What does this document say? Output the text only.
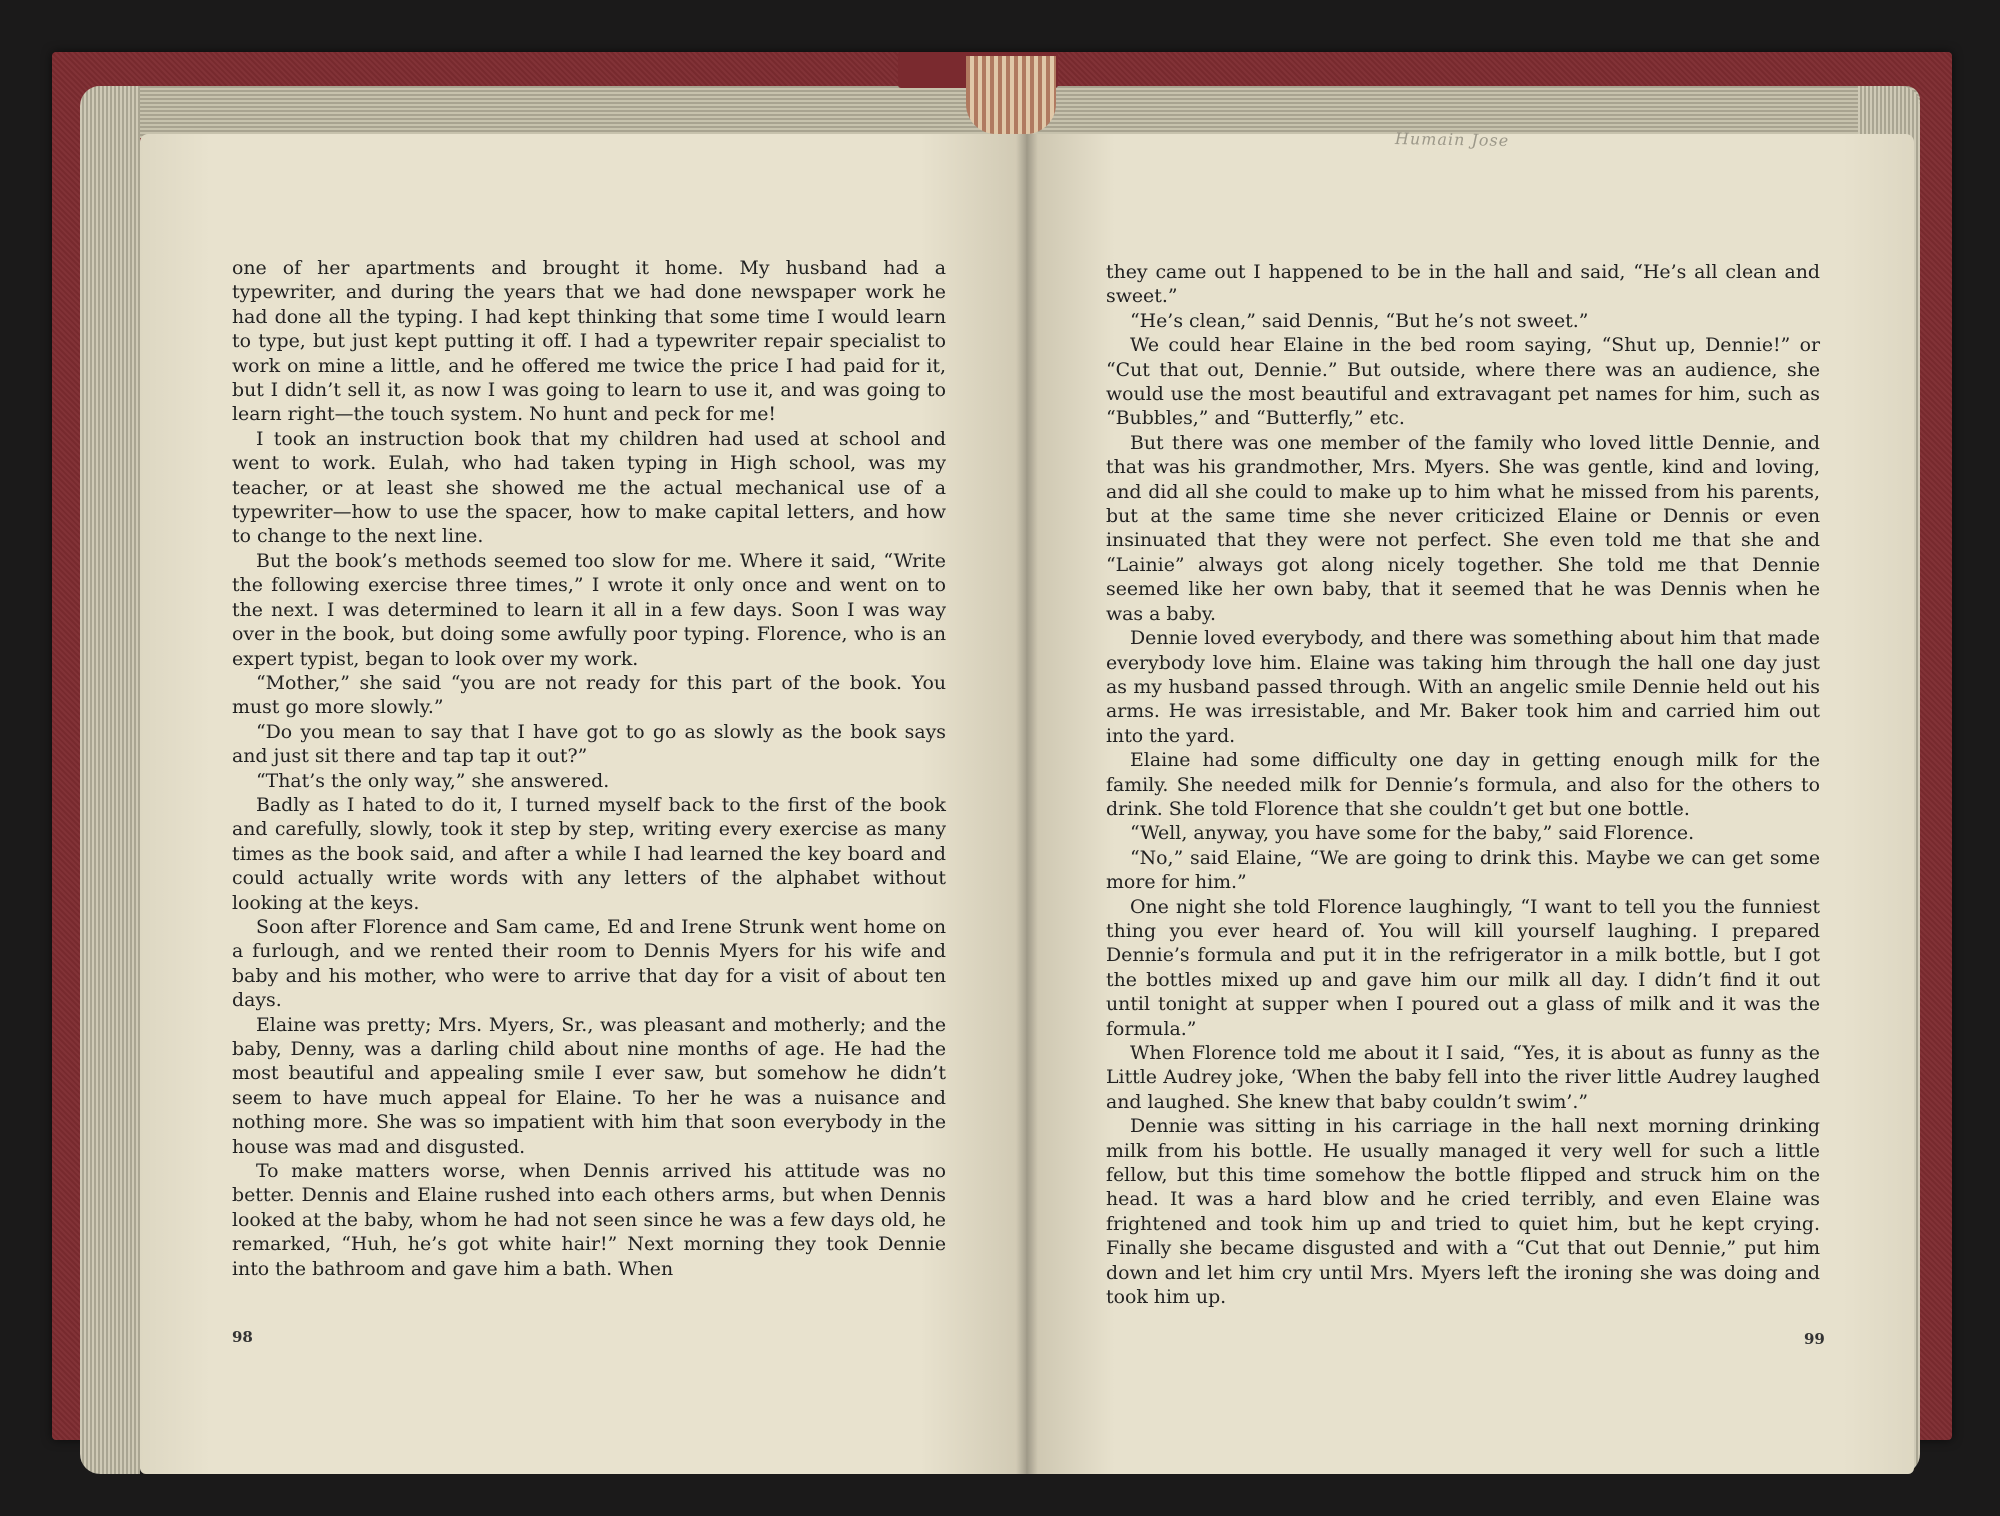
Humain Jose

one of her apartments and brought it home. My husband had a typewriter, and during the years that we had done newspaper work he had done all the typing. I had kept thinking that some time I would learn to type, but just kept putting it off. I had a typewriter repair specialist to work on mine a little, and he offered me twice the price I had paid for it, but I didn’t sell it, as now I was going to learn to use it, and was going to learn right—the touch system. No hunt and peck for me!

I took an instruction book that my children had used at school and went to work. Eulah, who had taken typing in High school, was my teacher, or at least she showed me the actual mechanical use of a typewriter—how to use the spacer, how to make capital letters, and how to change to the next line.

But the book’s methods seemed too slow for me. Where it said, “Write the following exercise three times,” I wrote it only once and went on to the next. I was determined to learn it all in a few days. Soon I was way over in the book, but doing some awfully poor typing. Florence, who is an expert typist, began to look over my work.

“Mother,” she said “you are not ready for this part of the book. You must go more slowly.”

“Do you mean to say that I have got to go as slowly as the book says and just sit there and tap tap it out?”

“That’s the only way,” she answered.

Badly as I hated to do it, I turned myself back to the first of the book and carefully, slowly, took it step by step, writing every exercise as many times as the book said, and after a while I had learned the key board and could actually write words with any letters of the alphabet without looking at the keys.

Soon after Florence and Sam came, Ed and Irene Strunk went home on a furlough, and we rented their room to Dennis Myers for his wife and baby and his mother, who were to arrive that day for a visit of about ten days.

Elaine was pretty; Mrs. Myers, Sr., was pleasant and motherly; and the baby, Denny, was a darling child about nine months of age. He had the most beautiful and appealing smile I ever saw, but somehow he didn’t seem to have much appeal for Elaine. To her he was a nuisance and nothing more. She was so impatient with him that soon everybody in the house was mad and disgusted.

To make matters worse, when Dennis arrived his attitude was no better. Dennis and Elaine rushed into each others arms, but when Dennis looked at the baby, whom he had not seen since he was a few days old, he remarked, “Huh, he’s got white hair!” Next morning they took Dennie into the bathroom and gave him a bath. When

98

they came out I happened to be in the hall and said, “He’s all clean and sweet.”

“He’s clean,” said Dennis, “But he’s not sweet.”

We could hear Elaine in the bed room saying, “Shut up, Dennie!” or “Cut that out, Dennie.” But outside, where there was an audience, she would use the most beautiful and extravagant pet names for him, such as “Bubbles,” and “Butterfly,” etc.

But there was one member of the family who loved little Dennie, and that was his grandmother, Mrs. Myers. She was gentle, kind and loving, and did all she could to make up to him what he missed from his parents, but at the same time she never criticized Elaine or Dennis or even insinuated that they were not perfect. She even told me that she and “Lainie” always got along nicely together. She told me that Dennie seemed like her own baby, that it seemed that he was Dennis when he was a baby.

Dennie loved everybody, and there was something about him that made everybody love him. Elaine was taking him through the hall one day just as my husband passed through. With an angelic smile Dennie held out his arms. He was irresistable, and Mr. Baker took him and carried him out into the yard.

Elaine had some difficulty one day in getting enough milk for the family. She needed milk for Dennie’s formula, and also for the others to drink. She told Florence that she couldn’t get but one bottle.

“Well, anyway, you have some for the baby,” said Florence.

“No,” said Elaine, “We are going to drink this. Maybe we can get some more for him.”

One night she told Florence laughingly, “I want to tell you the funniest thing you ever heard of. You will kill yourself laughing. I prepared Dennie’s formula and put it in the refrigerator in a milk bottle, but I got the bottles mixed up and gave him our milk all day. I didn’t find it out until tonight at supper when I poured out a glass of milk and it was the formula.”

When Florence told me about it I said, “Yes, it is about as funny as the Little Audrey joke, ‘When the baby fell into the river little Audrey laughed and laughed. She knew that baby couldn’t swim’.”

Dennie was sitting in his carriage in the hall next morning drinking milk from his bottle. He usually managed it very well for such a little fellow, but this time somehow the bottle flipped and struck him on the head. It was a hard blow and he cried terribly, and even Elaine was frightened and took him up and tried to quiet him, but he kept crying. Finally she became disgusted and with a “Cut that out Dennie,” put him down and let him cry until Mrs. Myers left the ironing she was doing and took him up.

99
